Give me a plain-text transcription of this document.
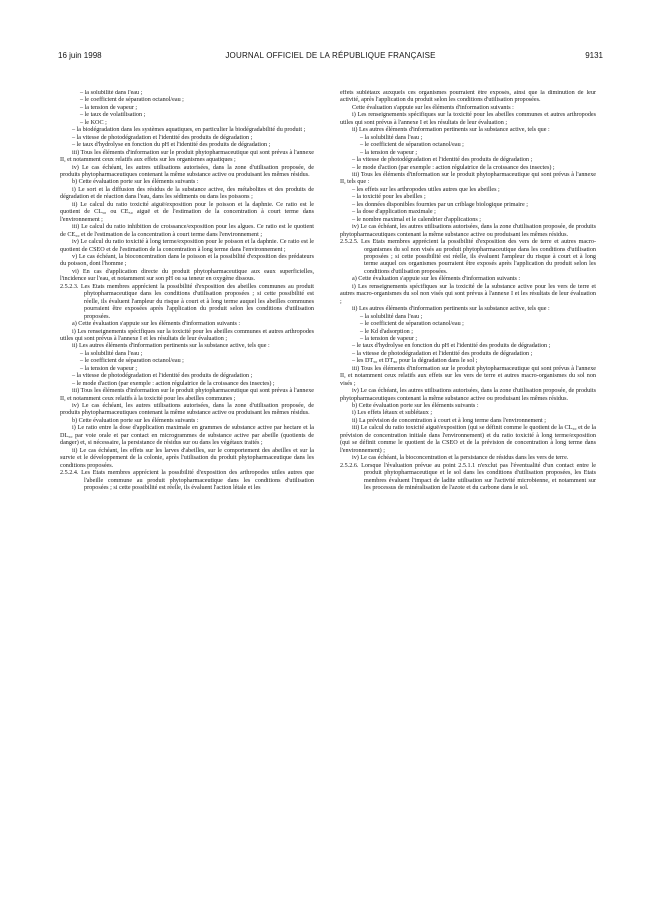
16 juin 1998	JOURNAL OFFICIEL DE LA RÉPUBLIQUE FRANÇAISE	9131

– la solubilité dans l'eau ;

– le coefficient de séparation octanol/eau ;

– la tension de vapeur ;

– le taux de volatilisation ;

– le KOC ;

– la biodégradation dans les systèmes aquatiques, en particulier la biodégradabilité du produit ;

– la vitesse de photodégradation et l'identité des produits de dégradation ;

– le taux d'hydrolyse en fonction du pH et l'identité des produits de dégradation ;

iii) Tous les éléments d'information sur le produit phytopharmaceutique qui sont prévus à l'annexe II, et notamment ceux relatifs aux effets sur les organismes aquatiques ;

iv) Le cas échéant, les autres utilisations autorisées, dans la zone d'utilisation proposée, de produits phytopharmaceutiques contenant la même substance active ou produisant les mêmes résidus.

b) Cette évaluation porte sur les éléments suivants :

i) Le sort et la diffusion des résidus de la substance active, des métabolites et des produits de dégradation et de réaction dans l'eau, dans les sédiments ou dans les poissons ;

ii) Le calcul du ratio toxicité aiguë/exposition pour le poisson et la daphnie. Ce ratio est le quotient de CL₅₀ ou CE₅₀ aiguë et de l'estimation de la concentration à court terme dans l'environnement ;

iii) Le calcul du ratio inhibition de croissance/exposition pour les algues. Ce ratio est le quotient de CE₅₀ et de l'estimation de la concentration à court terme dans l'environnement ;

iv) Le calcul du ratio toxicité à long terme/exposition pour le poisson et la daphnie. Ce ratio est le quotient de CSEO et de l'estimation de la concentration à long terme dans l'environnement ;

v) Le cas échéant, la bioconcentration dans le poisson et la possibilité d'exposition des prédateurs du poisson, dont l'homme ;

vi) En cas d'application directe du produit phytopharmaceutique aux eaux superficielles, l'incidence sur l'eau, et notamment sur son pH ou sa teneur en oxygène dissous.

2.5.2.3. Les Etats membres apprécient la possibilité d'exposition des abeilles communes au produit phytopharmaceutique dans les conditions d'utilisation proposées ; si cette possibilité est réelle, ils évaluent l'ampleur du risque à court et à long terme auquel les abeilles communes pourraient être exposées après l'application du produit selon les conditions d'utilisation proposées.

a) Cette évaluation s'appuie sur les éléments d'information suivants :

i) Les renseignements spécifiques sur la toxicité pour les abeilles communes et autres arthropodes utiles qui sont prévus à l'annexe I et les résultats de leur évaluation ;

ii) Les autres éléments d'information pertinents sur la substance active, tels que :

– la solubilité dans l'eau ;

– le coefficient de séparation octanol/eau ;

– la tension de vapeur ;

– la vitesse de photodégradation et l'identité des produits de dégradation ;

– le mode d'action (par exemple : action régulatrice de la croissance des insectes) ;

iii) Tous les éléments d'information sur le produit phytopharmaceutique qui sont prévus à l'annexe II, et notamment ceux relatifs à la toxicité pour les abeilles communes ;

iv) Le cas échéant, les autres utilisations autorisées, dans la zone d'utilisation proposée, de produits phytopharmaceutiques contenant la même substance active ou produisant les mêmes résidus.

b) Cette évaluation porte sur les éléments suivants :

i) Le ratio entre la dose d'application maximale en grammes de substance active par hectare et la DL₅₀ par voie orale et par contact en microgrammes de substance active par abeille (quotients de danger) et, si nécessaire, la persistance de résidus sur ou dans les végétaux traités ;

ii) Le cas échéant, les effets sur les larves d'abeilles, sur le comportement des abeilles et sur la survie et le développement de la colonie, après l'utilisation du produit phytopharmaceutique dans les conditions proposées.

2.5.2.4. Les Etats membres apprécient la possibilité d'exposition des arthropodes utiles autres que l'abeille commune au produit phytopharmaceutique dans les conditions d'utilisation proposées ; si cette possibilité est réelle, ils évaluent l'action létale et les

effets sublétaux auxquels ces organismes pourraient être exposés, ainsi que la diminution de leur activité, après l'application du produit selon les conditions d'utilisation proposées.

Cette évaluation s'appuie sur les éléments d'information suivants :

i) Les renseignements spécifiques sur la toxicité pour les abeilles communes et autres arthropodes utiles qui sont prévus à l'annexe I et les résultats de leur évaluation ;

ii) Les autres éléments d'information pertinents sur la substance active, tels que :

– la solubilité dans l'eau ;

– le coefficient de séparation octanol/eau ;

– la tension de vapeur ;

– la vitesse de photodégradation et l'identité des produits de dégradation ;

– le mode d'action (par exemple : action régulatrice de la croissance des insectes) ;

iii) Tous les éléments d'information sur le produit phytopharmaceutique qui sont prévus à l'annexe II, tels que :

– les effets sur les arthropodes utiles autres que les abeilles ;

– la toxicité pour les abeilles ;

– les données disponibles fournies par un criblage biologique primaire ;

– la dose d'application maximale ;

– le nombre maximal et le calendrier d'applications ;

iv) Le cas échéant, les autres utilisations autorisées, dans la zone d'utilisation proposée, de produits phytopharmaceutiques contenant la même substance active ou produisant les mêmes résidus.

2.5.2.5. Les Etats membres apprécient la possibilité d'exposition des vers de terre et autres macro-organismes du sol non visés au produit phytopharmaceutique dans les conditions d'utilisation proposées ; si cette possibilité est réelle, ils évaluent l'ampleur du risque à court et à long terme auquel ces organismes pourraient être exposés après l'application du produit selon les conditions d'utilisation proposées.

a) Cette évaluation s'appuie sur les éléments d'information suivants :

i) Les renseignements spécifiques sur la toxicité de la substance active pour les vers de terre et autres macro-organismes du sol non visés qui sont prévus à l'annexe I et les résultats de leur évaluation ;

ii) Les autres éléments d'information pertinents sur la substance active, tels que :

– la solubilité dans l'eau ;

– le coefficient de séparation octanol/eau ;

– le Kd d'adsorption ;

– la tension de vapeur ;

– le taux d'hydrolyse en fonction du pH et l'identité des produits de dégradation ;

– la vitesse de photodégradation et l'identité des produits de dégradation ;

– les DT₅₀ et DT₉₀ pour la dégradation dans le sol ;

iii) Tous les éléments d'information sur le produit phytopharmaceutique qui sont prévus à l'annexe II, et notamment ceux relatifs aux effets sur les vers de terre et autres macro-organismes du sol non visés ;

iv) Le cas échéant, les autres utilisations autorisées, dans la zone d'utilisation proposée, de produits phytopharmaceutiques contenant la même substance active ou produisant les mêmes résidus.

b) Cette évaluation porte sur les éléments suivants :

i) Les effets létaux et sublétaux ;

ii) La prévision de concentration à court et à long terme dans l'environnement ;

iii) Le calcul du ratio toxicité aiguë/exposition (qui se définit comme le quotient de la CL₅₀ et de la prévision de concentration initiale dans l'environnement) et du ratio toxicité à long terme/exposition (qui se définit comme le quotient de la CSEO et de la prévision de concentration à long terme dans l'environnement) ;

iv) Le cas échéant, la bioconcentration et la persistance de résidus dans les vers de terre.

2.5.2.6. Lorsque l'évaluation prévue au point 2.5.1.1 n'exclut pas l'éventualité d'un contact entre le produit phytopharmaceutique et le sol dans les conditions d'utilisation proposées, les Etats membres évaluent l'impact de ladite utilisation sur l'activité microbienne, et notamment sur les processus de minéralisation de l'azote et du carbone dans le sol.
